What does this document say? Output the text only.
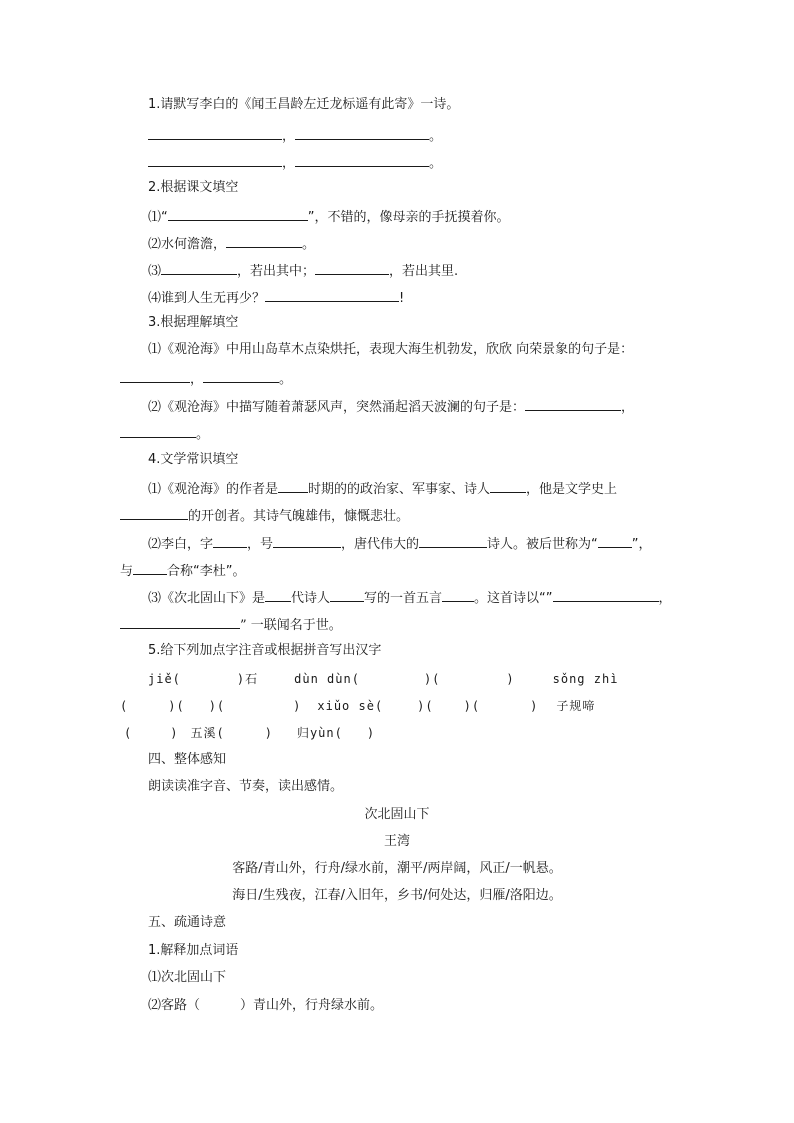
1.请默写李白的《闻王昌龄左迁龙标遥有此寄》一诗。
，	。
，	。
2.根据课文填空
⑴“	”，不错的，像母亲的手抚摸着你。
⑵水何澹澹，	。
⑶	，若出其中；	，若出其里.
⑷谁到人生无再少？	!
3.根据理解填空
⑴《观沧海》中用山岛草木点染烘托，表现大海生机勃发，欣欣 向荣景象的句子是：
，	。
⑵《观沧海》中描写随着萧瑟风声，突然涌起滔天波澜的句子是：	，
。
4.文学常识填空
⑴《观沧海》的作者是 时期的的政治家、军事家、诗人	，他是文学史上
的开创者。其诗气魄雄伟，慷慨悲壮。
⑵李白，字	，号	，唐代伟大的	诗人。被后世称为“	”，
与	合称“李杜”。
⑶《次北固山下》是 代诗人	写的一首五言 。这首诗以“”	，
” 一联闻名于世。
5.给下列加点字注音或根据拼音写出汉字
jiě(	)石	dùn dùn(	)(	)	sǒng zhì
(	)( )(	) xiǔo sè(	)(	)(	) 子规啼
(	) 五溪(	) 归yùn( )
四、整体感知
朗读读准字音、节奏，读出感情。
次北固山下
王湾
客路/青山外，行舟/绿水前，潮平/两岸阔，风正/一帆悬。
海日/生残夜，江春/入旧年，乡书/何处达，归雁/洛阳边。
五、疏通诗意
1.解释加点词语
⑴次北固山下
⑵客路（	）青山外，行舟绿水前。
